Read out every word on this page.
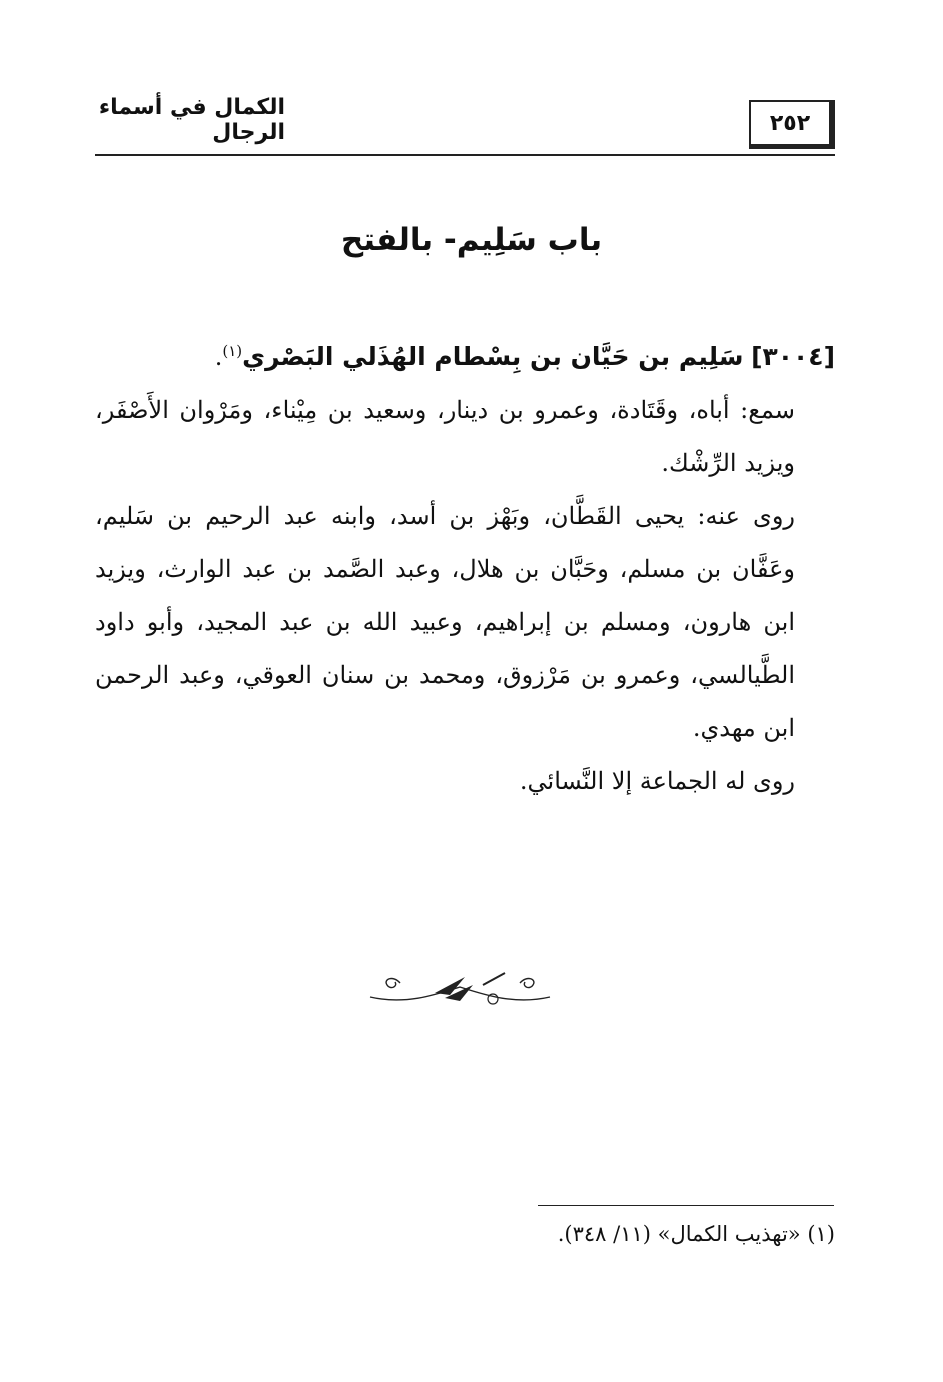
الكمال في أسماء الرجال	٢٥٢
باب سَلِيم- بالفتح

[٣٠٠٤] سَلِيم بن حَيَّان بن بِسْطام الهُذَلي البَصْري$^{(١)}$.

سمع: أباه، وقَتَادة، وعمرو بن دينار، وسعيد بن مِيْناء، ومَرْوان الأَصْفَر، ويزيد الرِّشْك.

روى عنه: يحيى القَطَّان، وبَهْز بن أسد، وابنه عبد الرحيم بن سَليم، وعَفَّان بن مسلم، وحَبَّان بن هلال، وعبد الصَّمد بن عبد الوارث، ويزيد ابن هارون، ومسلم بن إبراهيم، وعبيد الله بن عبد المجيد، وأبو داود الطَّيالسي، وعمرو بن مَرْزوق، ومحمد بن سنان العوقي، وعبد الرحمن ابن مهدي.

روى له الجماعة إلا النَّسائي.

(١) «تهذيب الكمال» (١١/ ٣٤٨).
